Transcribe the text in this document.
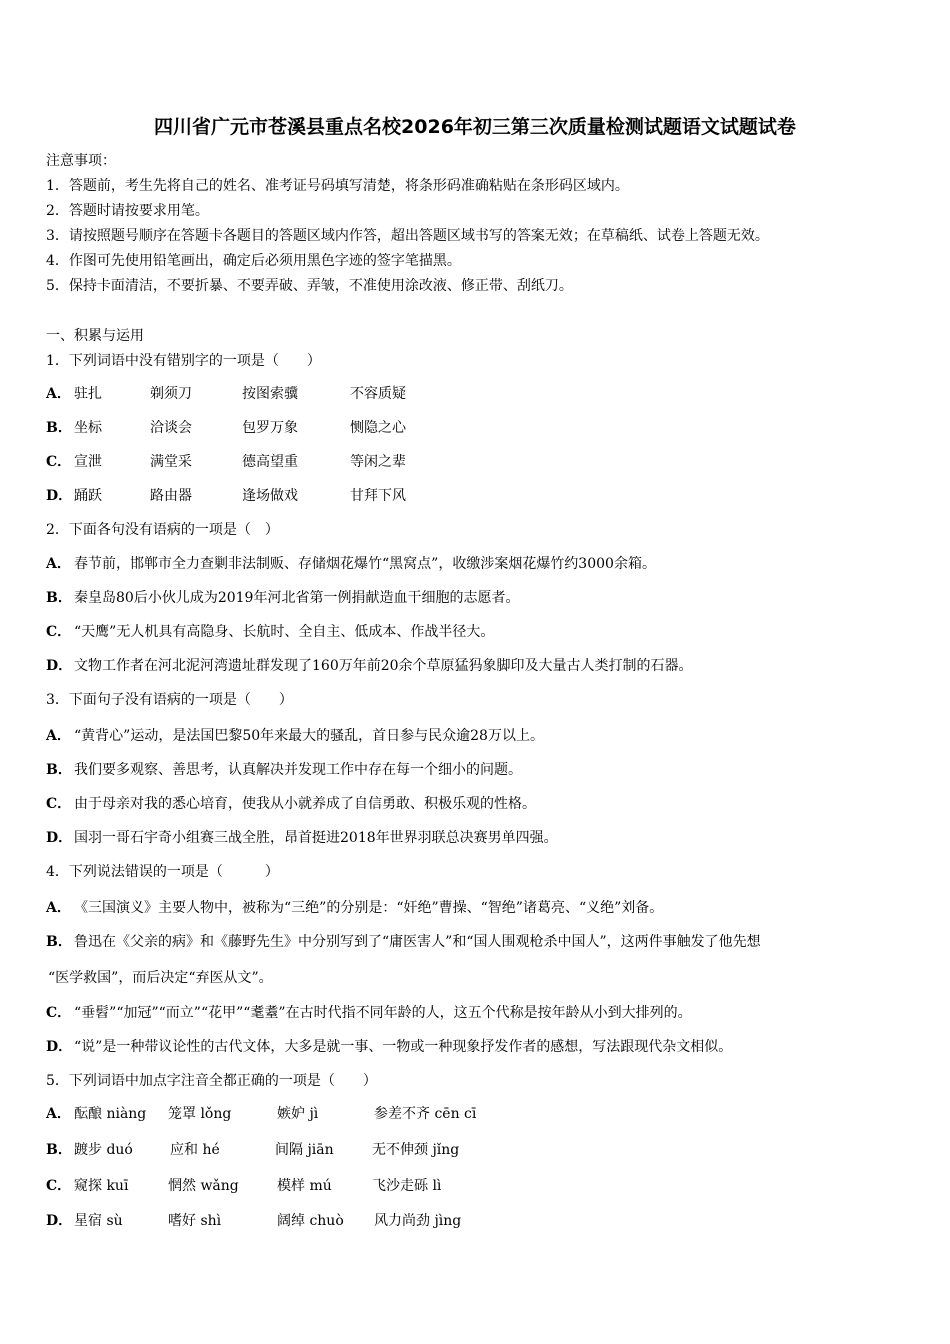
四川省广元市苍溪县重点名校2026年初三第三次质量检测试题语文试题试卷
注意事项：
1．答题前，考生先将自己的姓名、准考证号码填写清楚，将条形码准确粘贴在条形码区域内。
2．答题时请按要求用笔。
3．请按照题号顺序在答题卡各题目的答题区域内作答，超出答题区域书写的答案无效；在草稿纸、试卷上答题无效。
4．作图可先使用铅笔画出，确定后必须用黑色字迹的签字笔描黑。
5．保持卡面清洁，不要折暴、不要弄破、弄皱，不准使用涂改液、修正带、刮纸刀。
一、积累与运用
1．下列词语中没有错别字的一项是（　　）
A． 驻扎	剃须刀	按图索骥	不容质疑
B． 坐标	洽谈会	包罗万象	恻隐之心
C． 宣泄	满堂采	德高望重	等闲之辈
D． 踊跃	路由器	逢场做戏	甘拜下风
2．下面各句没有语病的一项是（　）
A． 春节前，邯郸市全力查剿非法制贩、存储烟花爆竹“黑窝点”，收缴涉案烟花爆竹约3000余箱。
B． 秦皇岛80后小伙儿成为2019年河北省第一例捐献造血干细胞的志愿者。
C． “天鹰”无人机具有高隐身、长航时、全自主、低成本、作战半径大。
D． 文物工作者在河北泥河湾遗址群发现了160万年前20余个草原猛犸象脚印及大量古人类打制的石器。
3．下面句子没有语病的一项是（　　）
A． “黄背心”运动，是法国巴黎50年来最大的骚乱，首日参与民众逾28万以上。
B． 我们要多观察、善思考，认真解决并发现工作中存在每一个细小的问题。
C． 由于母亲对我的悉心培育，使我从小就养成了自信勇敢、积极乐观的性格。
D． 国羽一哥石宇奇小组赛三战全胜，昂首挺进2018年世界羽联总决赛男单四强。
4．下列说法错误的一项是（　　　）
A． 《三国演义》主要人物中，被称为“三绝”的分别是：“奸绝”曹操、“智绝”诸葛亮、“义绝”刘备。
B． 鲁迅在《父亲的病》和《藤野先生》中分别写到了“庸医害人”和“国人围观枪杀中国人”，这两件事触发了他先想
“医学救国”，而后决定“弃医从文”。
C． “垂髫”“加冠”“而立”“花甲”“耄耋”在古时代指不同年龄的人，这五个代称是按年龄从小到大排列的。
D． “说”是一种带议论性的古代文体，大多是就一事、一物或一种现象抒发作者的感想，写法跟现代杂文相似。
5．下列词语中加点字注音全都正确的一项是（　　）
A． 酝酿 niàng 笼罩 lǒng	嫉妒 jì	参差不齐 cēn cī
B． 踱步 duó	应和 hé	间隔 jiān	无不伸颈 jǐng
C． 窥探 kuī	惘然 wǎng	模样 mú	飞沙走砾 lì
D． 星宿 sù	嗜好 shì	阔绰 chuò 风力尚劲 jìng
